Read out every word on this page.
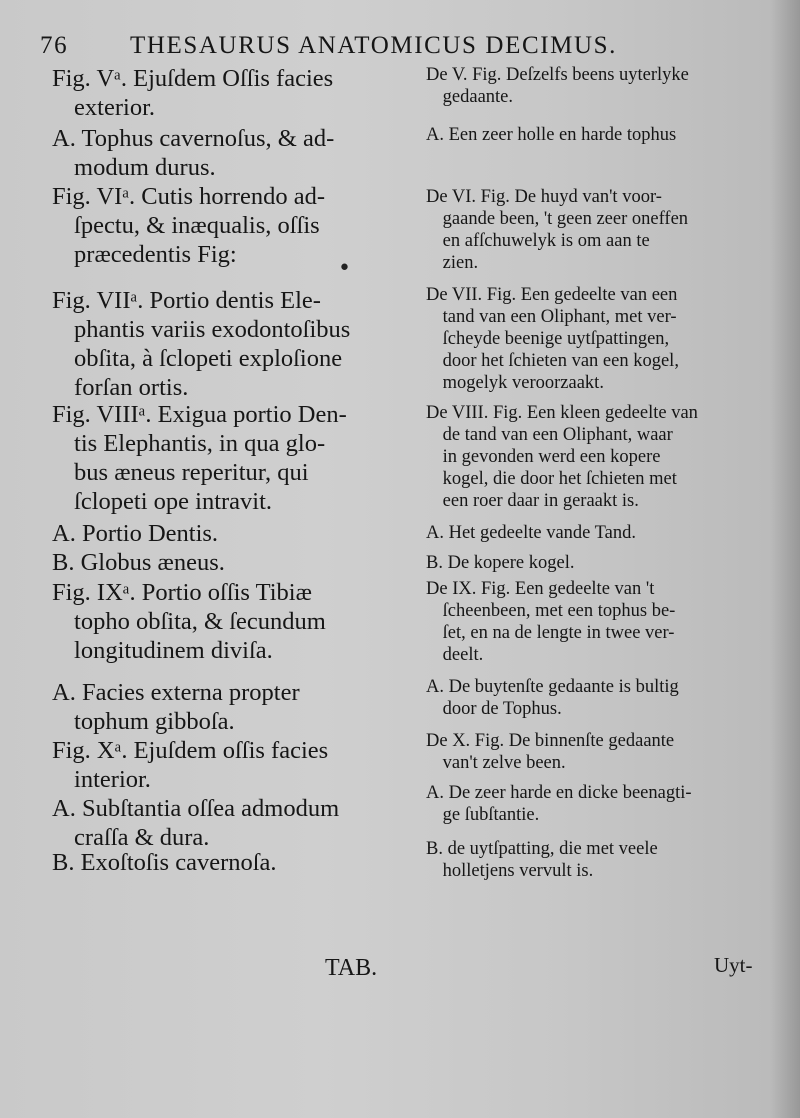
76 THESAURUS ANATOMICUS DECIMUS.

Fig. Vᵃ. Ejuſdem Oſſis facies
exterior.

A. Tophus cavernoſus, & ad-
modum durus.

Fig. VIᵃ. Cutis horrendo ad-
ſpectu, & inæqualis, oſſis
præcedentis Fig:

Fig. VIIᵃ. Portio dentis Ele-
phantis variis exodontoſibus
obſita, à ſclopeti exploſione
forſan ortis.

Fig. VIIIᵃ. Exigua portio Den-
tis Elephantis, in qua glo-
bus æneus reperitur, qui
ſclopeti ope intravit.

A. Portio Dentis.

B. Globus æneus.

Fig. IXᵃ. Portio oſſis Tibiæ
topho obſita, & ſecundum
longitudinem diviſa.

A. Facies externa propter
tophum gibboſa.

Fig. Xᵃ. Ejuſdem oſſis facies
interior.

A. Subſtantia oſſea admodum
craſſa & dura.

B. Exoſtoſis cavernoſa.

De V. Fig. Deſzelfs beens uyterlyke
gedaante.

A. Een zeer holle en harde tophus

De VI. Fig. De huyd van't voor-
gaande been, 't geen zeer oneffen
en afſchuwelyk is om aan te
zien.

De VII. Fig. Een gedeelte van een
tand van een Oliphant, met ver-
ſcheyde beenige uytſpattingen,
door het ſchieten van een kogel,
mogelyk veroorzaakt.

De VIII. Fig. Een kleen gedeelte van
de tand van een Oliphant, waar
in gevonden werd een kopere
kogel, die door het ſchieten met
een roer daar in geraakt is.

A. Het gedeelte vande Tand.

B. De kopere kogel.

De IX. Fig. Een gedeelte van 't
ſcheenbeen, met een tophus be-
ſet, en na de lengte in twee ver-
deelt.

A. De buytenſte gedaante is bultig
door de Tophus.

De X. Fig. De binnenſte gedaante
van't zelve been.

A. De zeer harde en dicke beenagti-
ge ſubſtantie.

B. de uytſpatting, die met veele
holletjens vervult is.

TAB.	Uyt-
•
